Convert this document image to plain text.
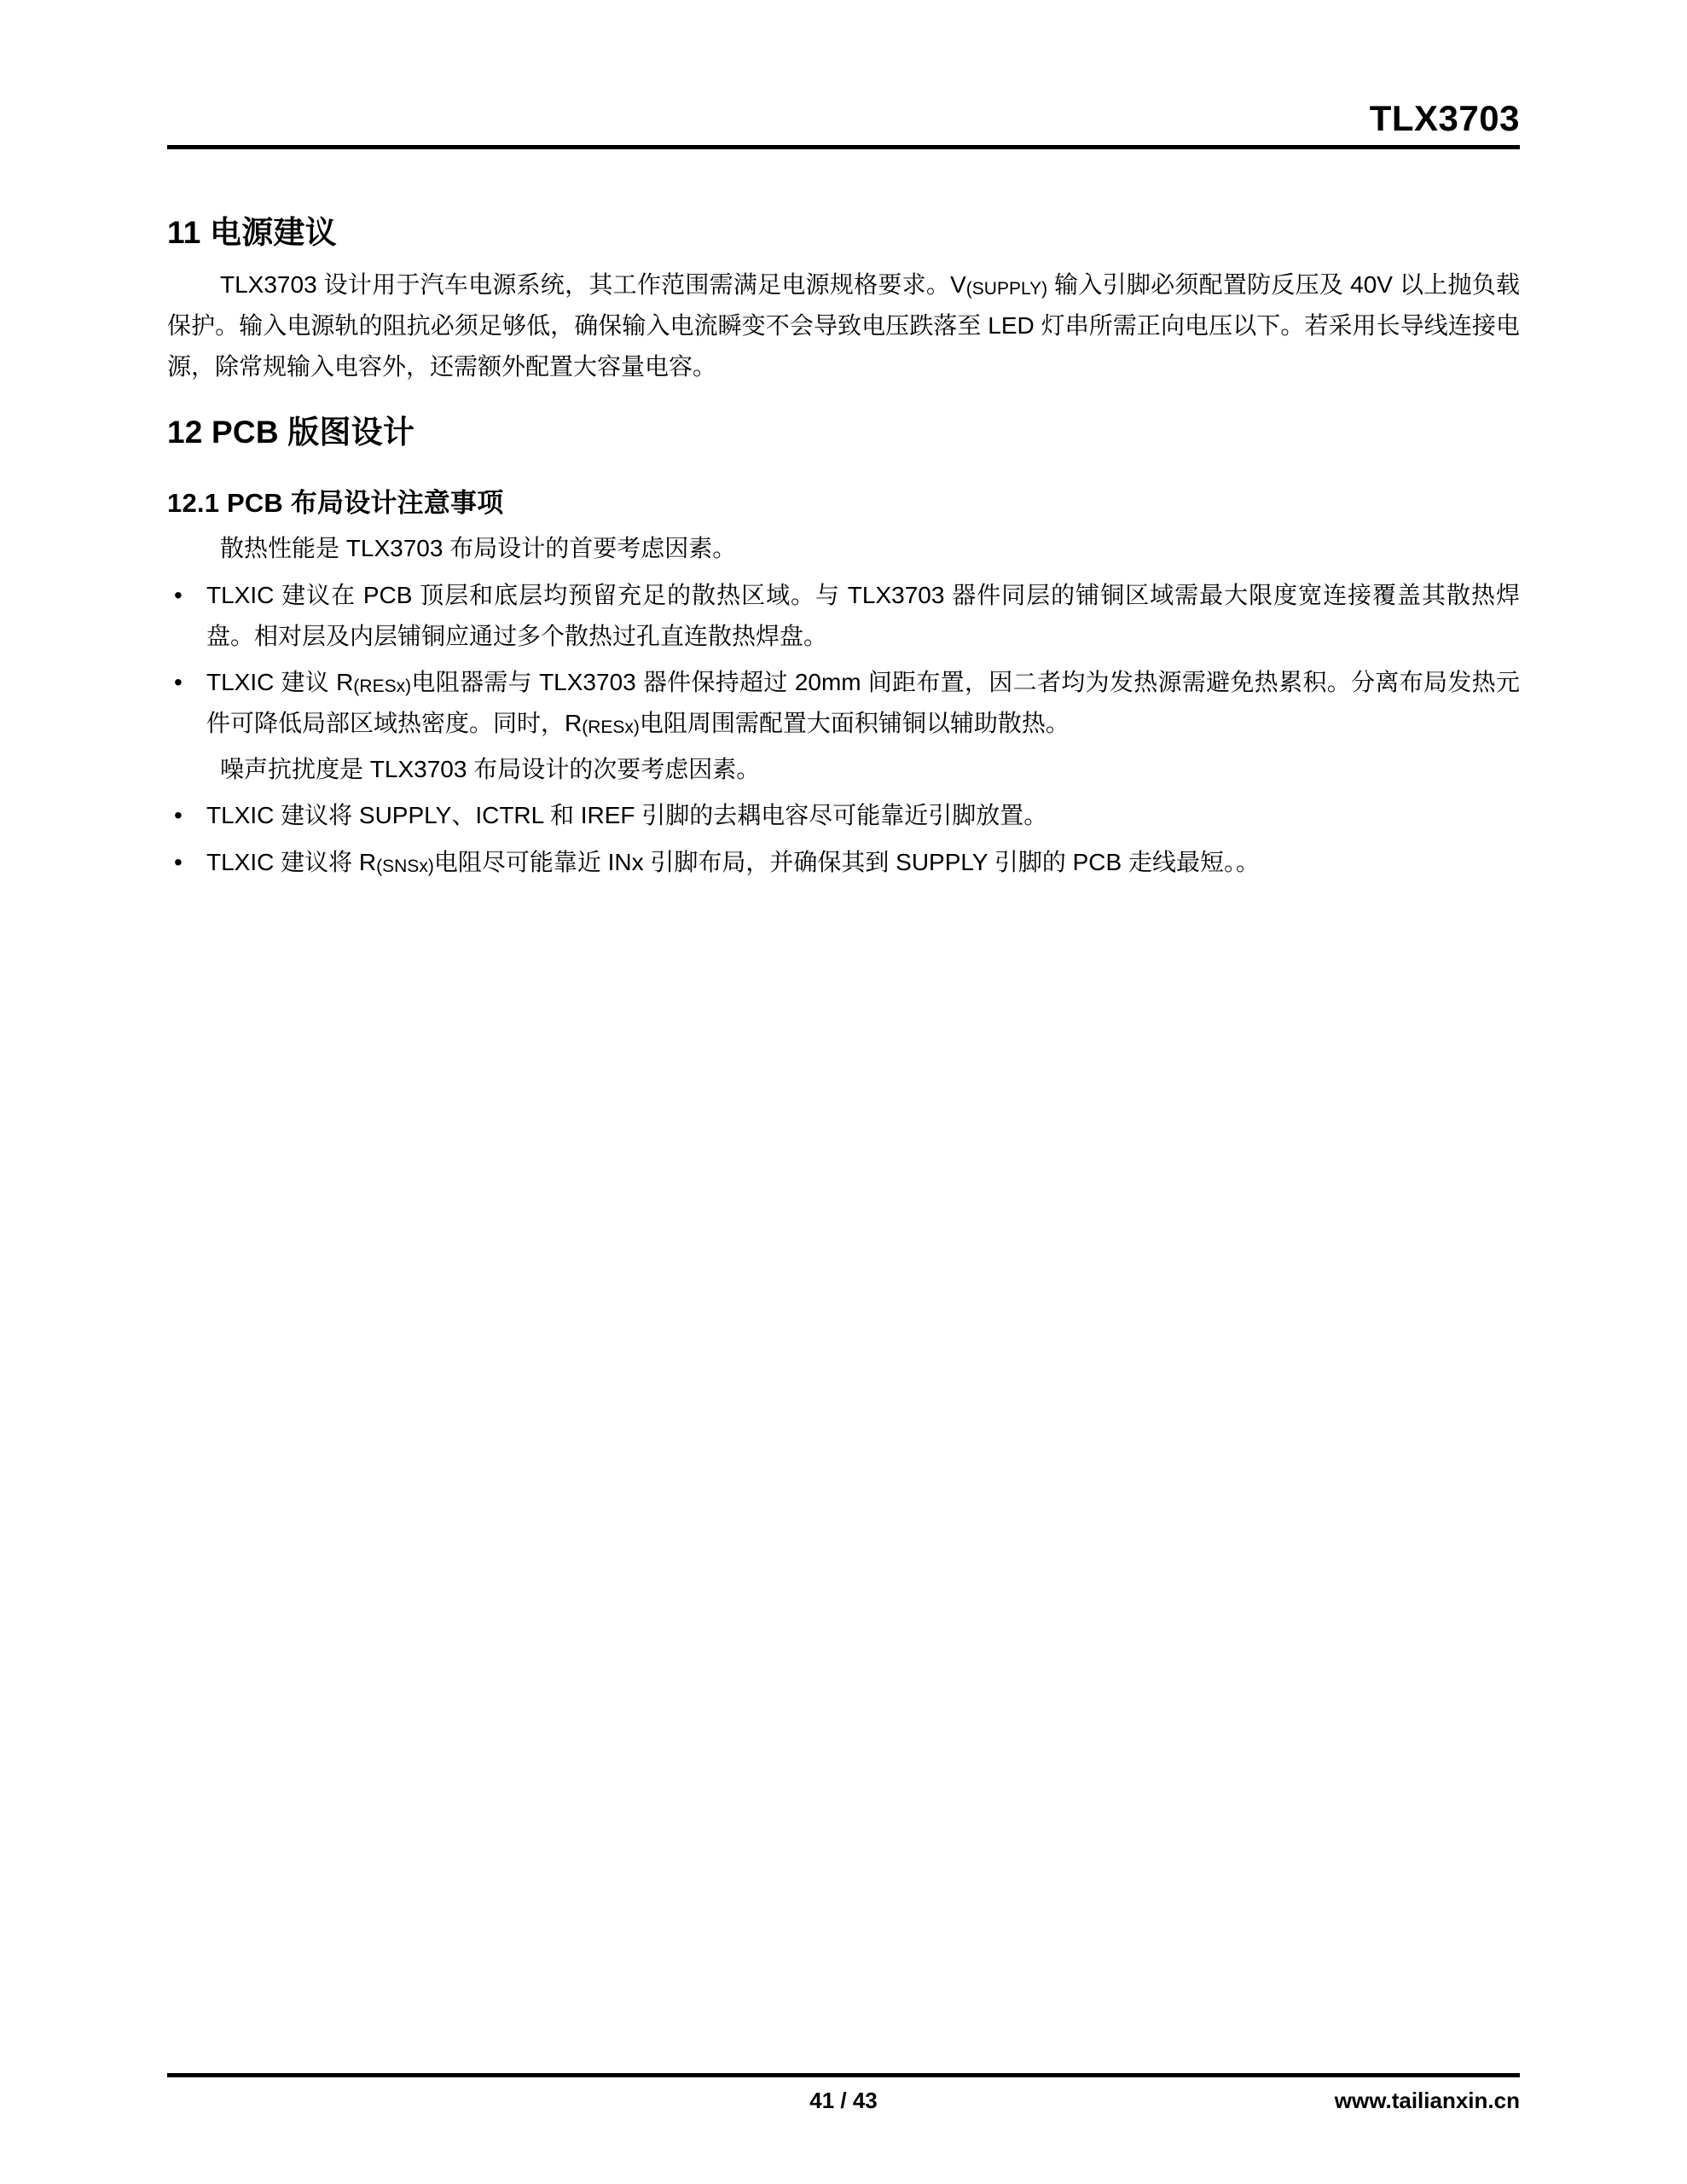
TLX3703
11 电源建议

TLX3703 设计用于汽车电源系统，其工作范围需满足电源规格要求。V(SUPPLY) 输入引脚必须配置防反压及 40V 以上抛负载保护。输入电源轨的阻抗必须足够低，确保输入电流瞬变不会导致电压跌落至 LED 灯串所需正向电压以下。若采用长导线连接电源，除常规输入电容外，还需额外配置大容量电容。

12 PCB 版图设计
12.1 PCB 布局设计注意事项

散热性能是 TLX3703 布局设计的首要考虑因素。

• TLXIC 建议在 PCB 顶层和底层均预留充足的散热区域。与 TLX3703 器件同层的铺铜区域需最大限度宽连接覆盖其散热焊盘。相对层及内层铺铜应通过多个散热过孔直连散热焊盘。
• TLXIC 建议 R(RESx)电阻器需与 TLX3703 器件保持超过 20mm 间距布置，因二者均为发热源需避免热累积。分离布局发热元件可降低局部区域热密度。同时，R(RESx)电阻周围需配置大面积铺铜以辅助散热。

噪声抗扰度是 TLX3703 布局设计的次要考虑因素。

• TLXIC 建议将 SUPPLY、ICTRL 和 IREF 引脚的去耦电容尽可能靠近引脚放置。
• TLXIC 建议将 R(SNSx)电阻尽可能靠近 INx 引脚布局，并确保其到 SUPPLY 引脚的 PCB 走线最短。。
41 / 43	www.tailianxin.cn
